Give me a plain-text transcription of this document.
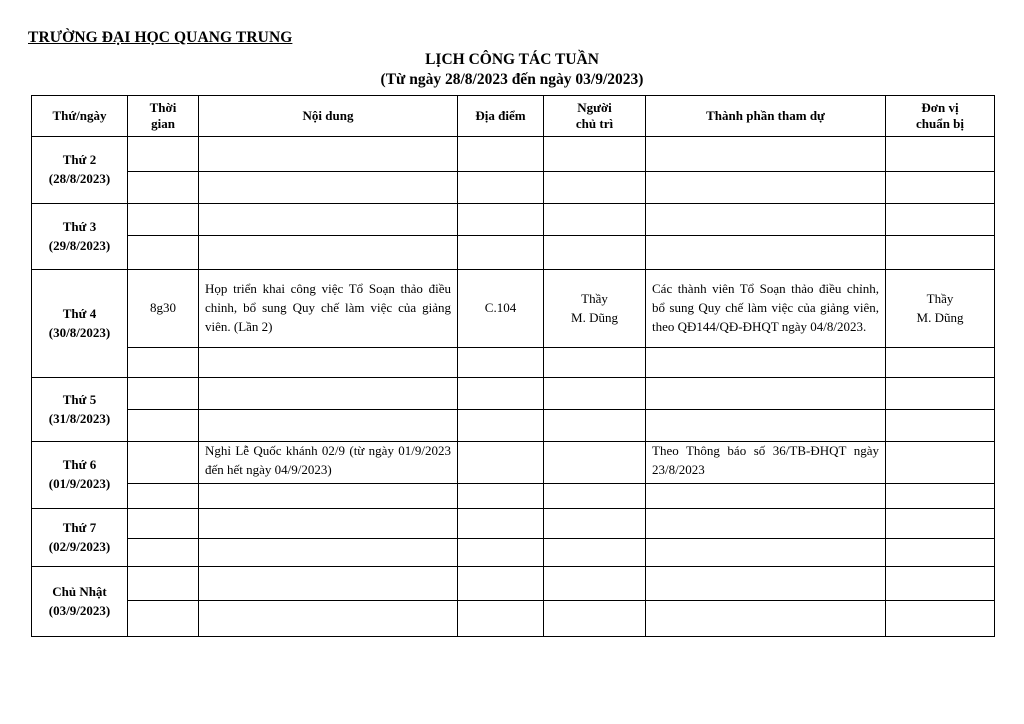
TRƯỜNG ĐẠI HỌC QUANG TRUNG
LỊCH CÔNG TÁC TUẦN
(Từ ngày 28/8/2023 đến ngày 03/9/2023)
Thứ/ngày	Thời
gian	Nội dung	Địa điểm	Người
chủ trì	Thành phần tham dự	Đơn vị
chuẩn bị
Thứ 2
(28/8/2023)						

Thứ 3
(29/8/2023)						

Thứ 4
(30/8/2023)	8g30	Họp triển khai công việc Tổ Soạn thảo điều chỉnh, bổ sung Quy chế làm việc của giảng viên. (Lần 2)	C.104	Thầy
M. Dũng	Các thành viên Tổ Soạn thảo điều chỉnh, bổ sung Quy chế làm việc của giảng viên, theo QĐ144/QĐ-ĐHQT ngày 04/8/2023.	Thầy
M. Dũng

Thứ 5
(31/8/2023)						

Thứ 6
(01/9/2023)		Nghỉ Lễ Quốc khánh 02/9 (từ ngày 01/9/2023 đến hết ngày 04/9/2023)			Theo Thông báo số 36/TB-ĐHQT ngày 23/8/2023	

Thứ 7
(02/9/2023)						

Chủ Nhật
(03/9/2023)						
